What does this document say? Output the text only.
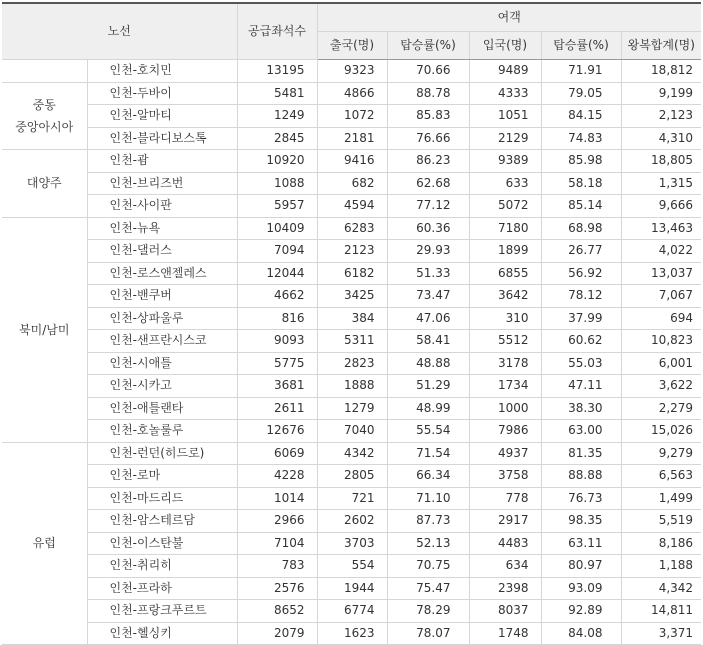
노선		공급좌석수	여객				
			출국(명)	탑승률(%)	입국(명)	탑승률(%)	왕복합계(명)
	인천-호치민	13195	9323	70.66	9489	71.91	18,812
중동
중앙아시아	인천-두바이	5481	4866	88.78	4333	79.05	9,199
	인천-알마티	1249	1072	85.83	1051	84.15	2,123
	인천-블라디보스톡	2845	2181	76.66	2129	74.83	4,310
대양주	인천-괌	10920	9416	86.23	9389	85.98	18,805
	인천-브리즈번	1088	682	62.68	633	58.18	1,315
	인천-사이판	5957	4594	77.12	5072	85.14	9,666
북미/남미	인천-뉴욕	10409	6283	60.36	7180	68.98	13,463
	인천-댈러스	7094	2123	29.93	1899	26.77	4,022
	인천-로스앤젤레스	12044	6182	51.33	6855	56.92	13,037
	인천-밴쿠버	4662	3425	73.47	3642	78.12	7,067
	인천-상파울루	816	384	47.06	310	37.99	694
	인천-샌프란시스코	9093	5311	58.41	5512	60.62	10,823
	인천-시애틀	5775	2823	48.88	3178	55.03	6,001
	인천-시카고	3681	1888	51.29	1734	47.11	3,622
	인천-애틀랜타	2611	1279	48.99	1000	38.30	2,279
	인천-호놀룰루	12676	7040	55.54	7986	63.00	15,026
유럽	인천-런던(히드로)	6069	4342	71.54	4937	81.35	9,279
	인천-로마	4228	2805	66.34	3758	88.88	6,563
	인천-마드리드	1014	721	71.10	778	76.73	1,499
	인천-암스테르담	2966	2602	87.73	2917	98.35	5,519
	인천-이스탄불	7104	3703	52.13	4483	63.11	8,186
	인천-취리히	783	554	70.75	634	80.97	1,188
	인천-프라하	2576	1944	75.47	2398	93.09	4,342
	인천-프랑크푸르트	8652	6774	78.29	8037	92.89	14,811
	인천-헬싱키	2079	1623	78.07	1748	84.08	3,371
